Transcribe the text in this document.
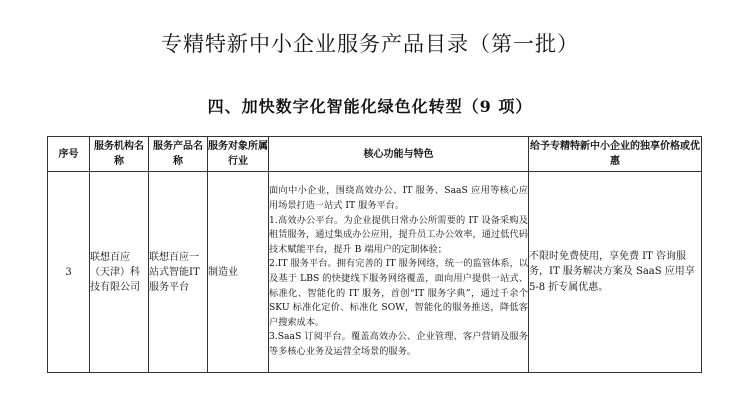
专精特新中小企业服务产品目录（第一批）
四、加快数字化智能化绿色化转型（9 项）
序号	服务机构名称	服务产品名称	服务对象所属行业	核心功能与特色	给予专精特新中小企业的独享价格或优惠
3	联想百应（天津）科技有限公司	联想百应一站式智能IT服务平台	制造业	面向中小企业，围绕高效办公、IT 服务、SaaS 应用等核心应用场景打造一站式 IT 服务平台。
1.高效办公平台。为企业提供日常办公所需要的 IT 设备采购及租赁服务，通过集成办公应用，提升员工办公效率，通过低代码技术赋能平台，提升 B 端用户的定制体验；
2.IT 服务平台。拥有完善的 IT 服务网络，统一的监管体系，以及基于 LBS 的快捷线下服务网络覆盖，面向用户提供一站式、标准化、智能化的 IT 服务，首创“IT 服务字典”，通过千余个 SKU 标准化定价、标准化 SOW，智能化的服务推送，降低客户搜索成本。
3.SaaS 订阅平台。覆盖高效办公、企业管理、客户营销及服务等多核心业务及运营全场景的服务。	不限时免费使用，享免费 IT 咨询服务，IT 服务解决方案及 SaaS 应用享 5-8 折专属优惠。
